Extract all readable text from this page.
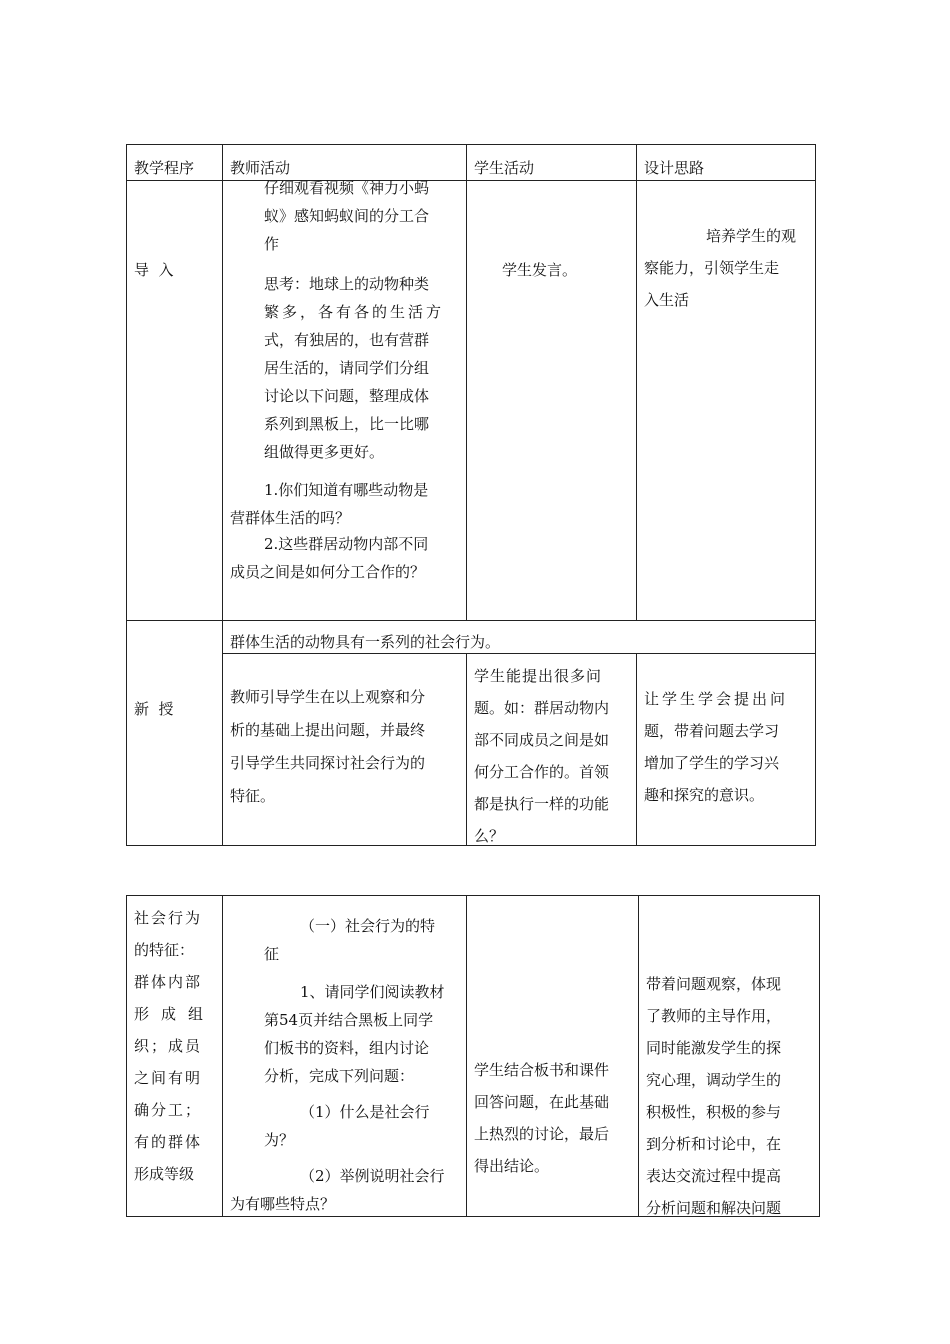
教学程序 教师活动	学生活动	设计思路
导  入
仔细观看视频《神力小蚂
蚁》感知蚂蚁间的分工合
作
思考：地球上的动物种类
繁多，各有各的生活方
式，有独居的，也有营群
居生活的，请同学们分组
讨论以下问题，整理成体
系列到黑板上，比一比哪
组做得更多更好。
1.你们知道有哪些动物是
营群体生活的吗？
2.这些群居动物内部不同
成员之间是如何分工合作的？
学生发言。
培养学生的观
察能力，引领学生走
入生活
新  授
群体生活的动物具有一系列的社会行为。
教师引导学生在以上观察和分
析的基础上提出问题，并最终
引导学生共同探讨社会行为的
特征。
学生能提出很多问
题。如：群居动物内
部不同成员之间是如
何分工合作的。首领
都是执行一样的功能
么？
让学生学会提出问
题，带着问题去学习
增加了学生的学习兴
趣和探究的意识。
社会行为
的特征：
群体内部
形成组
织；成员
之间有明
确分工；
有的群体
形成等级
（一）社会行为的特
征
1、请同学们阅读教材
第54页并结合黑板上同学
们板书的资料，组内讨论
分析，完成下列问题：
（1）什么是社会行
为？
（2）举例说明社会行
为有哪些特点？
学生结合板书和课件
回答问题，在此基础
上热烈的讨论，最后
得出结论。
带着问题观察，体现
了教师的主导作用，
同时能激发学生的探
究心理，调动学生的
积极性，积极的参与
到分析和讨论中，在
表达交流过程中提高
分析问题和解决问题
